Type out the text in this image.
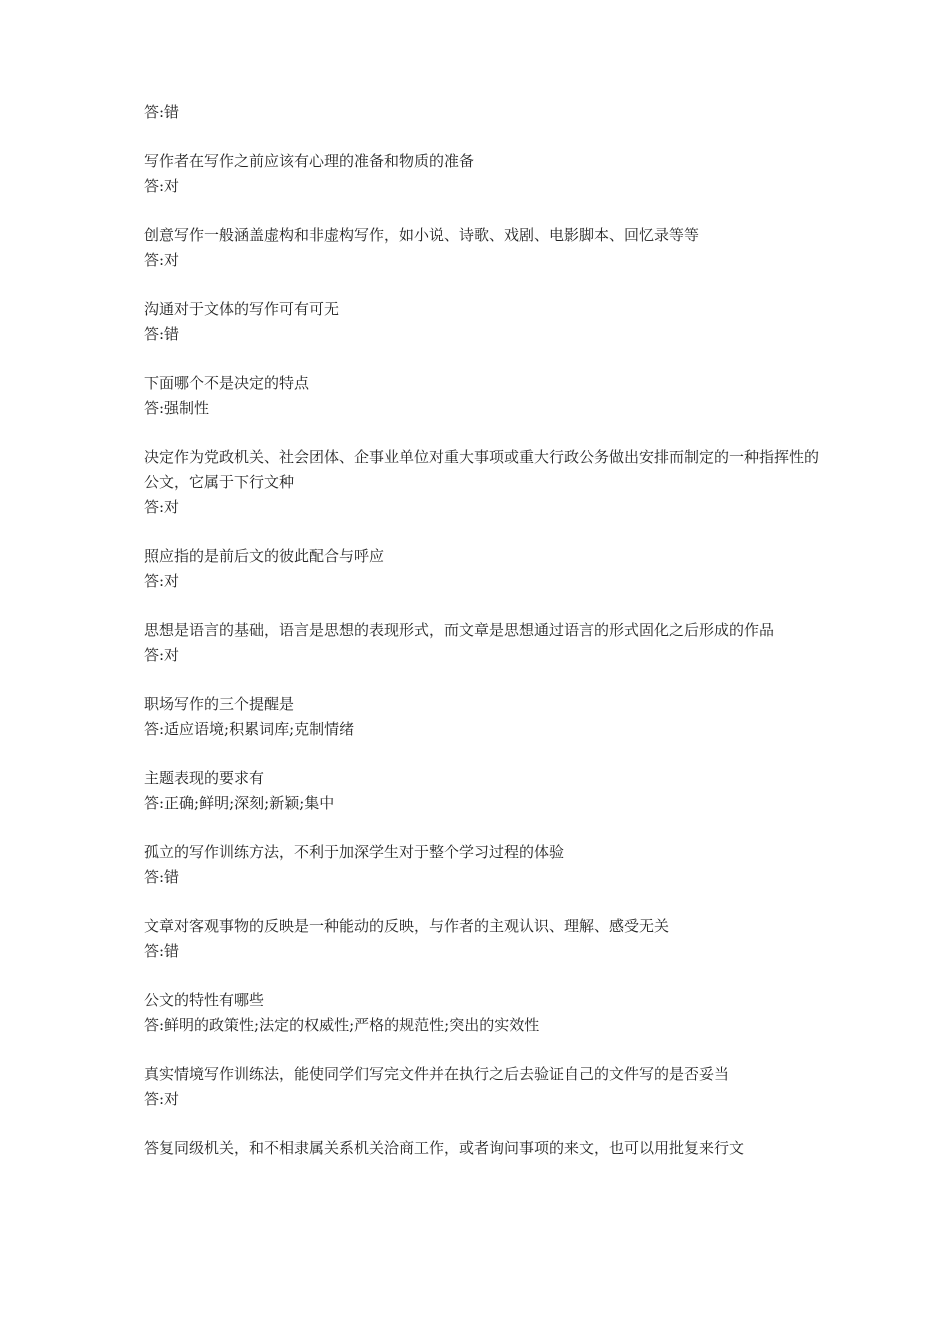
答:错

写作者在写作之前应该有心理的准备和物质的准备

答:对

创意写作一般涵盖虚构和非虚构写作，如小说、诗歌、戏剧、电影脚本、回忆录等等

答:对

沟通对于文体的写作可有可无

答:错

下面哪个不是决定的特点

答:强制性

决定作为党政机关、社会团体、企事业单位对重大事项或重大行政公务做出安排而制定的一种指挥性的公文，它属于下行文种

答:对

照应指的是前后文的彼此配合与呼应

答:对

思想是语言的基础，语言是思想的表现形式，而文章是思想通过语言的形式固化之后形成的作品

答:对

职场写作的三个提醒是

答:适应语境;积累词库;克制情绪

主题表现的要求有

答:正确;鲜明;深刻;新颖;集中

孤立的写作训练方法，不利于加深学生对于整个学习过程的体验

答:错

文章对客观事物的反映是一种能动的反映，与作者的主观认识、理解、感受无关

答:错

公文的特性有哪些

答:鲜明的政策性;法定的权威性;严格的规范性;突出的实效性

真实情境写作训练法，能使同学们写完文件并在执行之后去验证自己的文件写的是否妥当

答:对

答复同级机关，和不相隶属关系机关洽商工作，或者询问事项的来文，也可以用批复来行文
